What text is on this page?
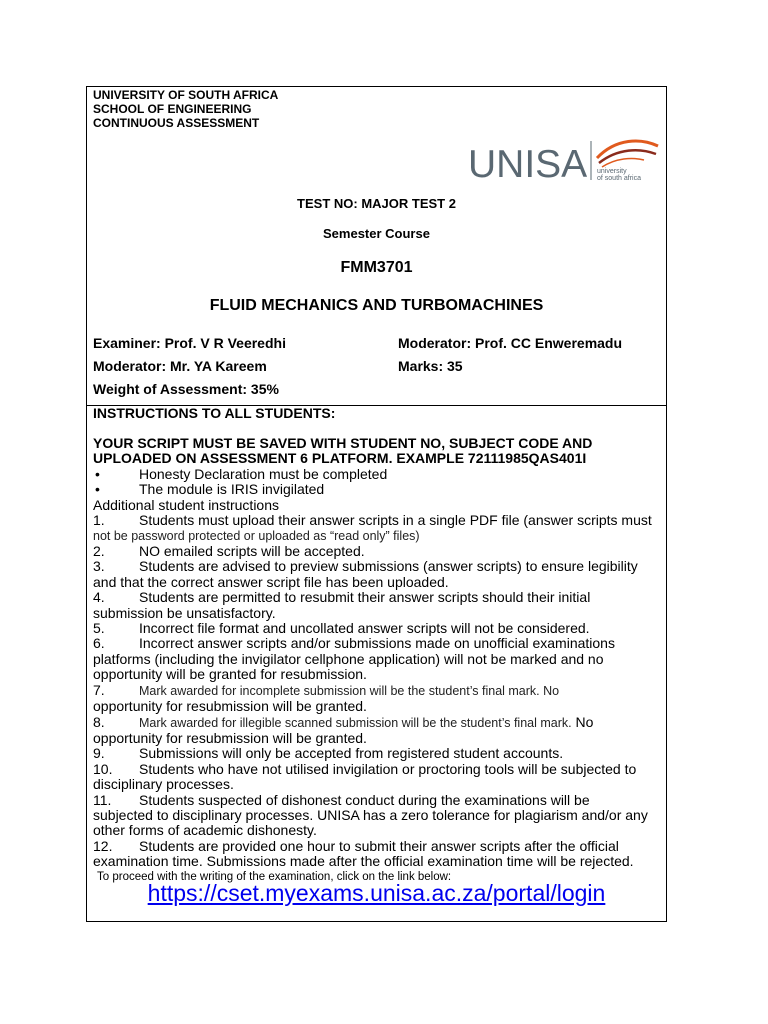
UNIVERSITY OF SOUTH AFRICA
SCHOOL OF ENGINEERING
CONTINUOUS ASSESSMENT
UNISA university
of south africa
TEST NO: MAJOR TEST 2
Semester Course
FMM3701
FLUID MECHANICS AND TURBOMACHINES
Examiner: Prof. V R Veeredhi	Moderator: Prof. CC Enweremadu
Moderator: Mr. YA Kareem	Marks: 35
Weight of Assessment: 35%
INSTRUCTIONS TO ALL STUDENTS:
YOUR SCRIPT MUST BE SAVED WITH STUDENT NO, SUBJECT CODE AND
UPLOADED ON ASSESSMENT 6 PLATFORM. EXAMPLE 72111985QAS401I
•	Honesty Declaration must be completed
•	The module is IRIS invigilated
Additional student instructions
1. Students must upload their answer scripts in a single PDF file (answer scripts must
not be password protected or uploaded as “read only” files)
2. NO emailed scripts will be accepted.
3. Students are advised to preview submissions (answer scripts) to ensure legibility
and that the correct answer script file has been uploaded.
4. Students are permitted to resubmit their answer scripts should their initial
submission be unsatisfactory.
5. Incorrect file format and uncollated answer scripts will not be considered.
6. Incorrect answer scripts and/or submissions made on unofficial examinations
platforms (including the invigilator cellphone application) will not be marked and no
opportunity will be granted for resubmission.
7.	Mark awarded for incomplete submission will be the student’s final mark. No
opportunity for resubmission will be granted.
8.	Mark awarded for illegible scanned submission will be the student’s final mark. No
opportunity for resubmission will be granted.
9. Submissions will only be accepted from registered student accounts.
10. Students who have not utilised invigilation or proctoring tools will be subjected to
disciplinary processes.
11. Students suspected of dishonest conduct during the examinations will be
subjected to disciplinary processes. UNISA has a zero tolerance for plagiarism and/or any
other forms of academic dishonesty.
12. Students are provided one hour to submit their answer scripts after the official
examination time. Submissions made after the official examination time will be rejected.
To proceed with the writing of the examination, click on the link below:
https://cset.myexams.unisa.ac.za/portal/login
